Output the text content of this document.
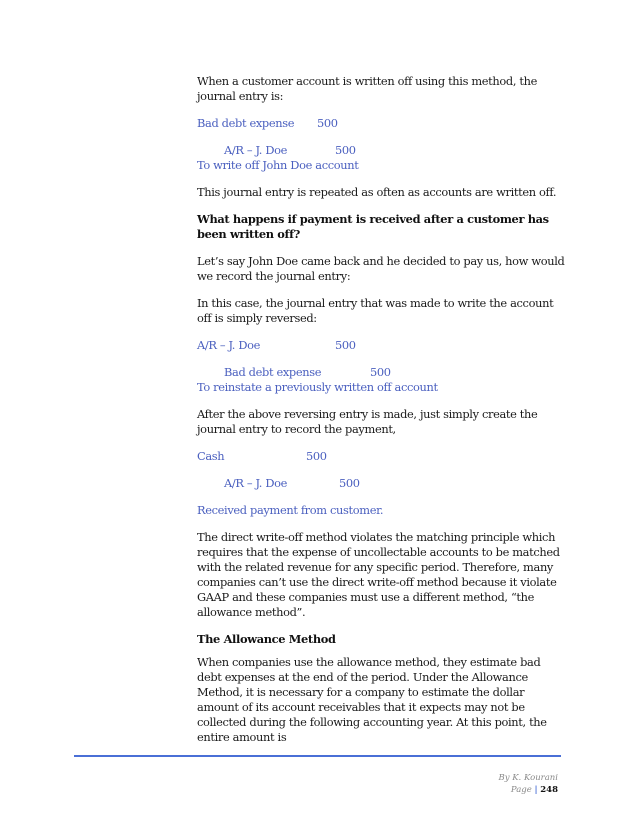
When a customer account is written off using this method, the journal entry is:

Bad debt expense 500
A/R – J. Doe	500
To write off John Doe account

This journal entry is repeated as often as accounts are written off.

What happens if payment is received after a customer has been written off?

Let’s say John Doe came back and he decided to pay us, how would we record the journal entry:

In this case, the journal entry that was made to write the account off is simply reversed:

A/R – J. Doe	500
Bad debt expense	500
To reinstate a previously written off account

After the above reversing entry is made, just simply create the journal entry to record the payment,

Cash	500
A/R – J. Doe	500
Received payment from customer.

The direct write-off method violates the matching principle which requires that the expense of uncollectable accounts to be matched with the related revenue for any specific period. Therefore, many companies can’t use the direct write-off method because it violate GAAP and these companies must use a different method, “the allowance method”.

The Allowance Method

When companies use the allowance method, they estimate bad debt expenses at the end of the period. Under the Allowance Method, it is necessary for a company to estimate the dollar amount of its account receivables that it expects may not be collected during the following accounting year. At this point, the entire amount is

By K. Kourani
Page | 248
